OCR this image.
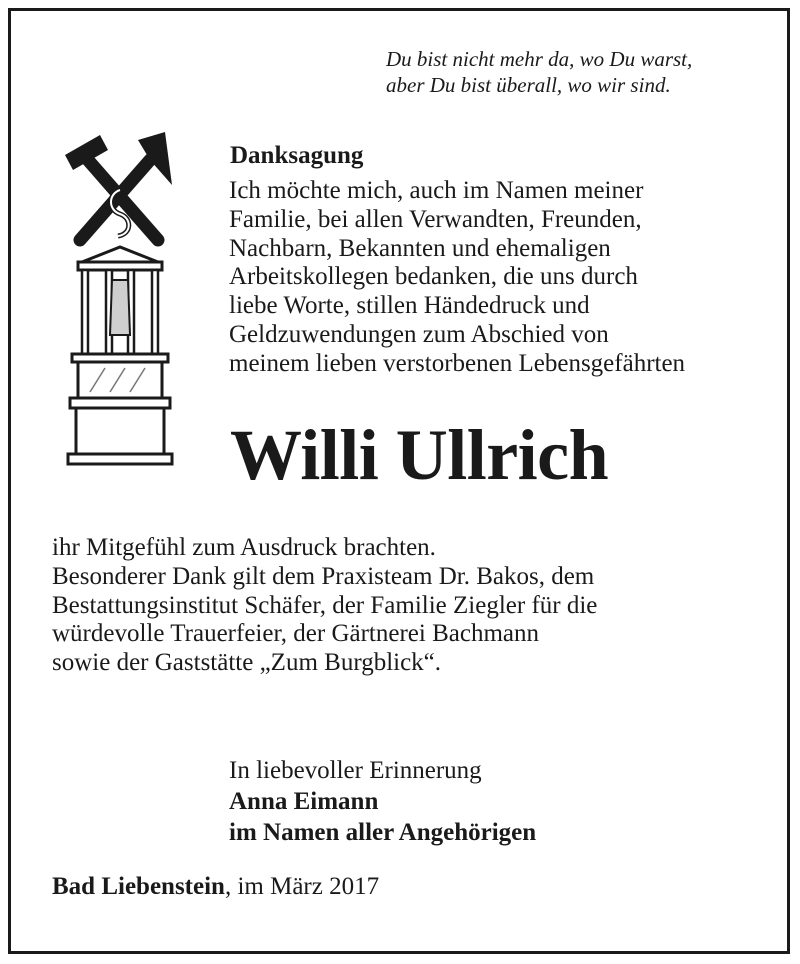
Du bist nicht mehr da, wo Du warst,
aber Du bist überall, wo wir sind.
Danksagung
Ich möchte mich, auch im Namen meiner
Familie, bei allen Verwandten, Freunden,
Nachbarn, Bekannten und ehemaligen
Arbeitskollegen bedanken, die uns durch
liebe Worte, stillen Händedruck und
Geldzuwendungen zum Abschied von
meinem lieben verstorbenen Lebensgefährten
Willi Ullrich
ihr Mitgefühl zum Ausdruck brachten.
Besonderer Dank gilt dem Praxisteam Dr. Bakos, dem
Bestattungsinstitut Schäfer, der Familie Ziegler für die
würdevolle Trauerfeier, der Gärtnerei Bachmann
sowie der Gaststätte „Zum Burgblick“.
In liebevoller Erinnerung
Anna Eimann
im Namen aller Angehörigen
Bad Liebenstein, im März 2017
